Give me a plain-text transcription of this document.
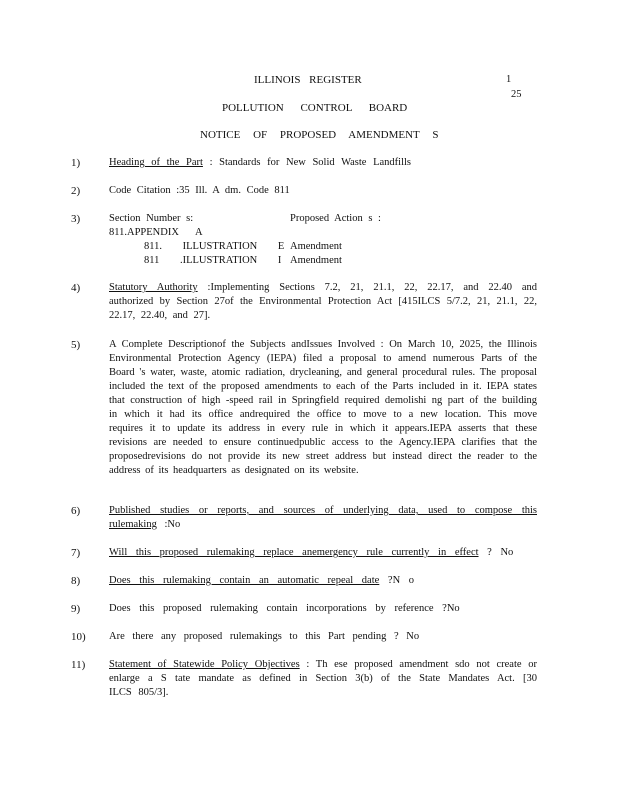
ILLINOIS REGISTER	1
25
POLLUTION CONTROL BOARD
NOTICE OF PROPOSED AMENDMENT S
1)	Heading of the Part : Standards for New Solid Waste Landfills
2)	Code Citation :35 Ill. A dm. Code 811
3)	Section Number s:	Proposed Action s :
811.APPENDIX A
811. ILLUSTRATION E Amendment
811 .ILLUSTRATION I Amendment
4)	Statutory Authority :Implementing Sections 7.2, 21, 21.1, 22, 22.17, and 22.40 and authorized by Section 27of the Environmental Protection Act [415ILCS 5/7.2, 21, 21.1, 22, 22.17, 22.40, and 27].

5)	A Complete Descriptionof the Subjects andIssues Involved : On March 10, 2025, the Illinois Environmental Protection Agency (IEPA) filed a proposal to amend numerous Parts of the Board 's water, waste, atomic radiation, drycleaning, and general procedural rules. The proposal included the text of the proposed amendments to each of the Parts included in it. IEPA states that construction of high -speed rail in Springfield required demolishi ng part of the building in which it had its office andrequired the office to move to a new location. This move requires it to update its address in every rule in which it appears.IEPA asserts that these revisions are needed to ensure continuedpublic access to the Agency.IEPA clarifies that the proposedrevisions do not provide its new street address but instead direct the reader to the address of its headquarters as designated on its website.

6)	Published studies or reports, and sources of underlying data, used to compose this rulemaking :No

7)	Will this proposed rulemaking replace anemergency rule currently in effect ? No
8)	Does this rulemaking contain an automatic repeal date ?N o
9)	Does this proposed rulemaking contain incorporations by reference ?No
10) Are there any proposed rulemakings to this Part pending ? No
11) Statement of Statewide Policy Objectives : Th ese proposed amendment sdo not create or enlarge a S tate mandate as defined in Section 3(b) of the State Mandates Act. [30 ILCS 805/3].
